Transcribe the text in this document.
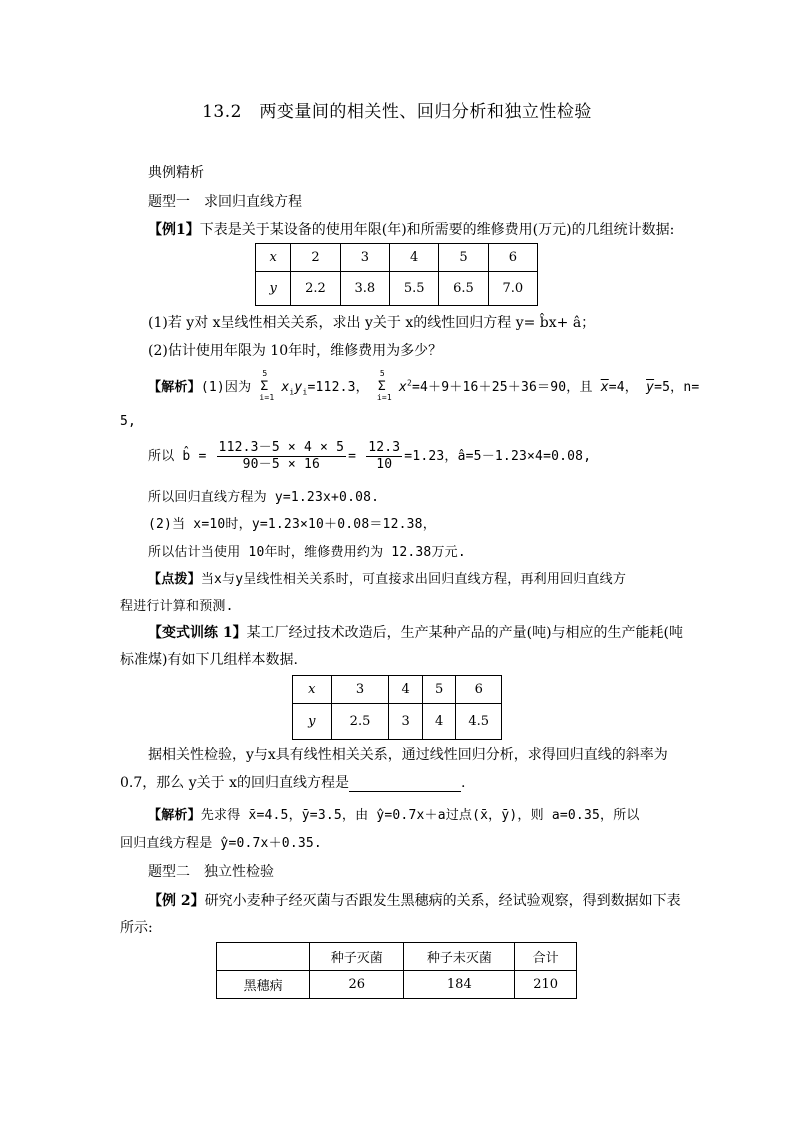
13.2　两变量间的相关性、回归分析和独立性检验
典例精析
题型一　求回归直线方程
【例1】下表是关于某设备的使用年限(年)和所需要的维修费用(万元)的几组统计数据:
x	2	3	4	5	6
y	2.2	3.8	5.5	6.5	7.0
(1)若 y对 x呈线性相关关系，求出 y关于 x的线性回归方程 y= b̂x+ â；
(2)估计使用年限为 10年时，维修费用为多少？
【解析】(1)因为
5
Σ
i=1
$x_iy_i=112.3$，
5
Σ
i=1
$x^2=4+9+16+25+36=90$，且 $\overline{x}=4$， $\overline{y}=5$，n=
5,
所以 b̂ = $\frac{112.3-5 \times 4 \times 5}{90-5 \times 16} = \frac{12.3}{10} =1.23$，â=5－1.23×4=0.08,
所以回归直线方程为 y=1.23x+0.08.
(2)当 x=10时，y=1.23×10＋0.08＝12.38，
所以估计当使用 10年时，维修费用约为 12.38万元.
【点拨】当x与y呈线性相关关系时，可直接求出回归直线方程，再利用回归直线方
程进行计算和预测.
【变式训练 1】某工厂经过技术改造后，生产某种产品的产量(吨)与相应的生产能耗(吨
标准煤)有如下几组样本数据.
x	3	4	5	6
y	2.5	3	4	4.5
据相关性检验，y与x具有线性相关关系，通过线性回归分析，求得回归直线的斜率为
0.7，那么 y关于 x的回归直线方程是	.
【解析】先求得 x̄=4.5，ȳ=3.5，由 ŷ=0.7x＋a过点(x̄，ȳ)，则 a=0.35，所以
回归直线方程是 ŷ=0.7x＋0.35.
题型二　独立性检验
【例 2】研究小麦种子经灭菌与否跟发生黑穗病的关系，经试验观察，得到数据如下表
所示:
	种子灭菌	种子未灭菌	合计
黑穗病	26	184	210
